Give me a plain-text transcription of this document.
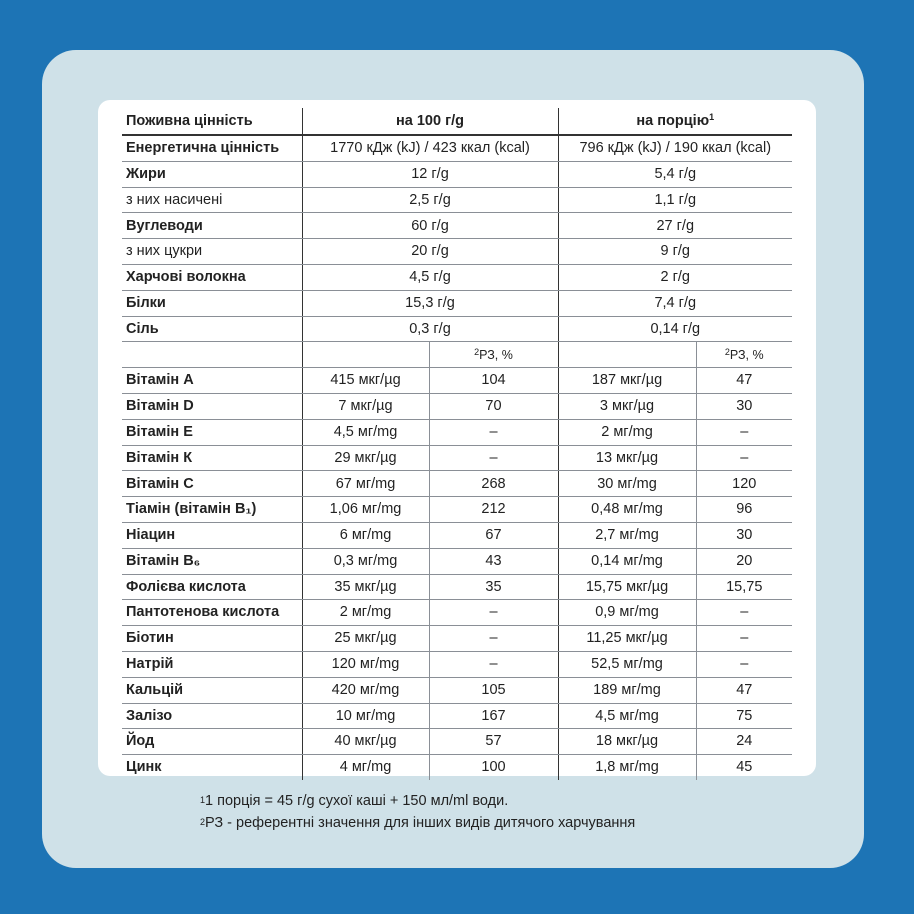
Поживна цінність	на 100 г/g		на порцію$^1$
Енергетична цінність	1770 кДж (kJ) / 423 ккал (kcal)		796 кДж (kJ) / 190 ккал (kcal)	
Жири	12 г/g		5,4 г/g	
з них насичені	2,5 г/g		1,1 г/g	
Вуглеводи	60 г/g		27 г/g	
з них цукри	20 г/g		9 г/g	
Харчові волокна	4,5 г/g		2 г/g	
Білки	15,3 г/g		7,4 г/g	
Сіль	0,3 г/g		0,14 г/g	
		$^2$РЗ, %		$^2$РЗ, %
Вітамін А	415 мкг/µg	104	187 мкг/µg	47
Вітамін D	7 мкг/µg	70	3 мкг/µg	30
Вітамін Е	4,5 мг/mg	–	2 мг/mg	–
Вітамін К	29 мкг/µg	–	13 мкг/µg	–
Вітамін С	67 мг/mg	268	30 мг/mg	120
Тіамін (вітамін В₁)	1,06 мг/mg	212	0,48 мг/mg	96
Ніацин	6 мг/mg	67	2,7 мг/mg	30
Вітамін В₆	0,3 мг/mg	43	0,14 мг/mg	20
Фолієва кислота	35 мкг/µg	35	15,75 мкг/µg	15,75
Пантотенова кислота	2 мг/mg	–	0,9 мг/mg	–
Біотин	25 мкг/µg	–	11,25 мкг/µg	–
Натрій	120 мг/mg	–	52,5 мг/mg	–
Кальцій	420 мг/mg	105	189 мг/mg	47
Залізо	10 мг/mg	167	4,5 мг/mg	75
Йод	40 мкг/µg	57	18 мкг/µg	24
Цинк	4 мг/mg	100	1,8 мг/mg	45
$^1$1 порція = 45 г/g сухої каші + 150 мл/ml води.
$^2$РЗ - референтні значення для інших видів дитячого харчування
